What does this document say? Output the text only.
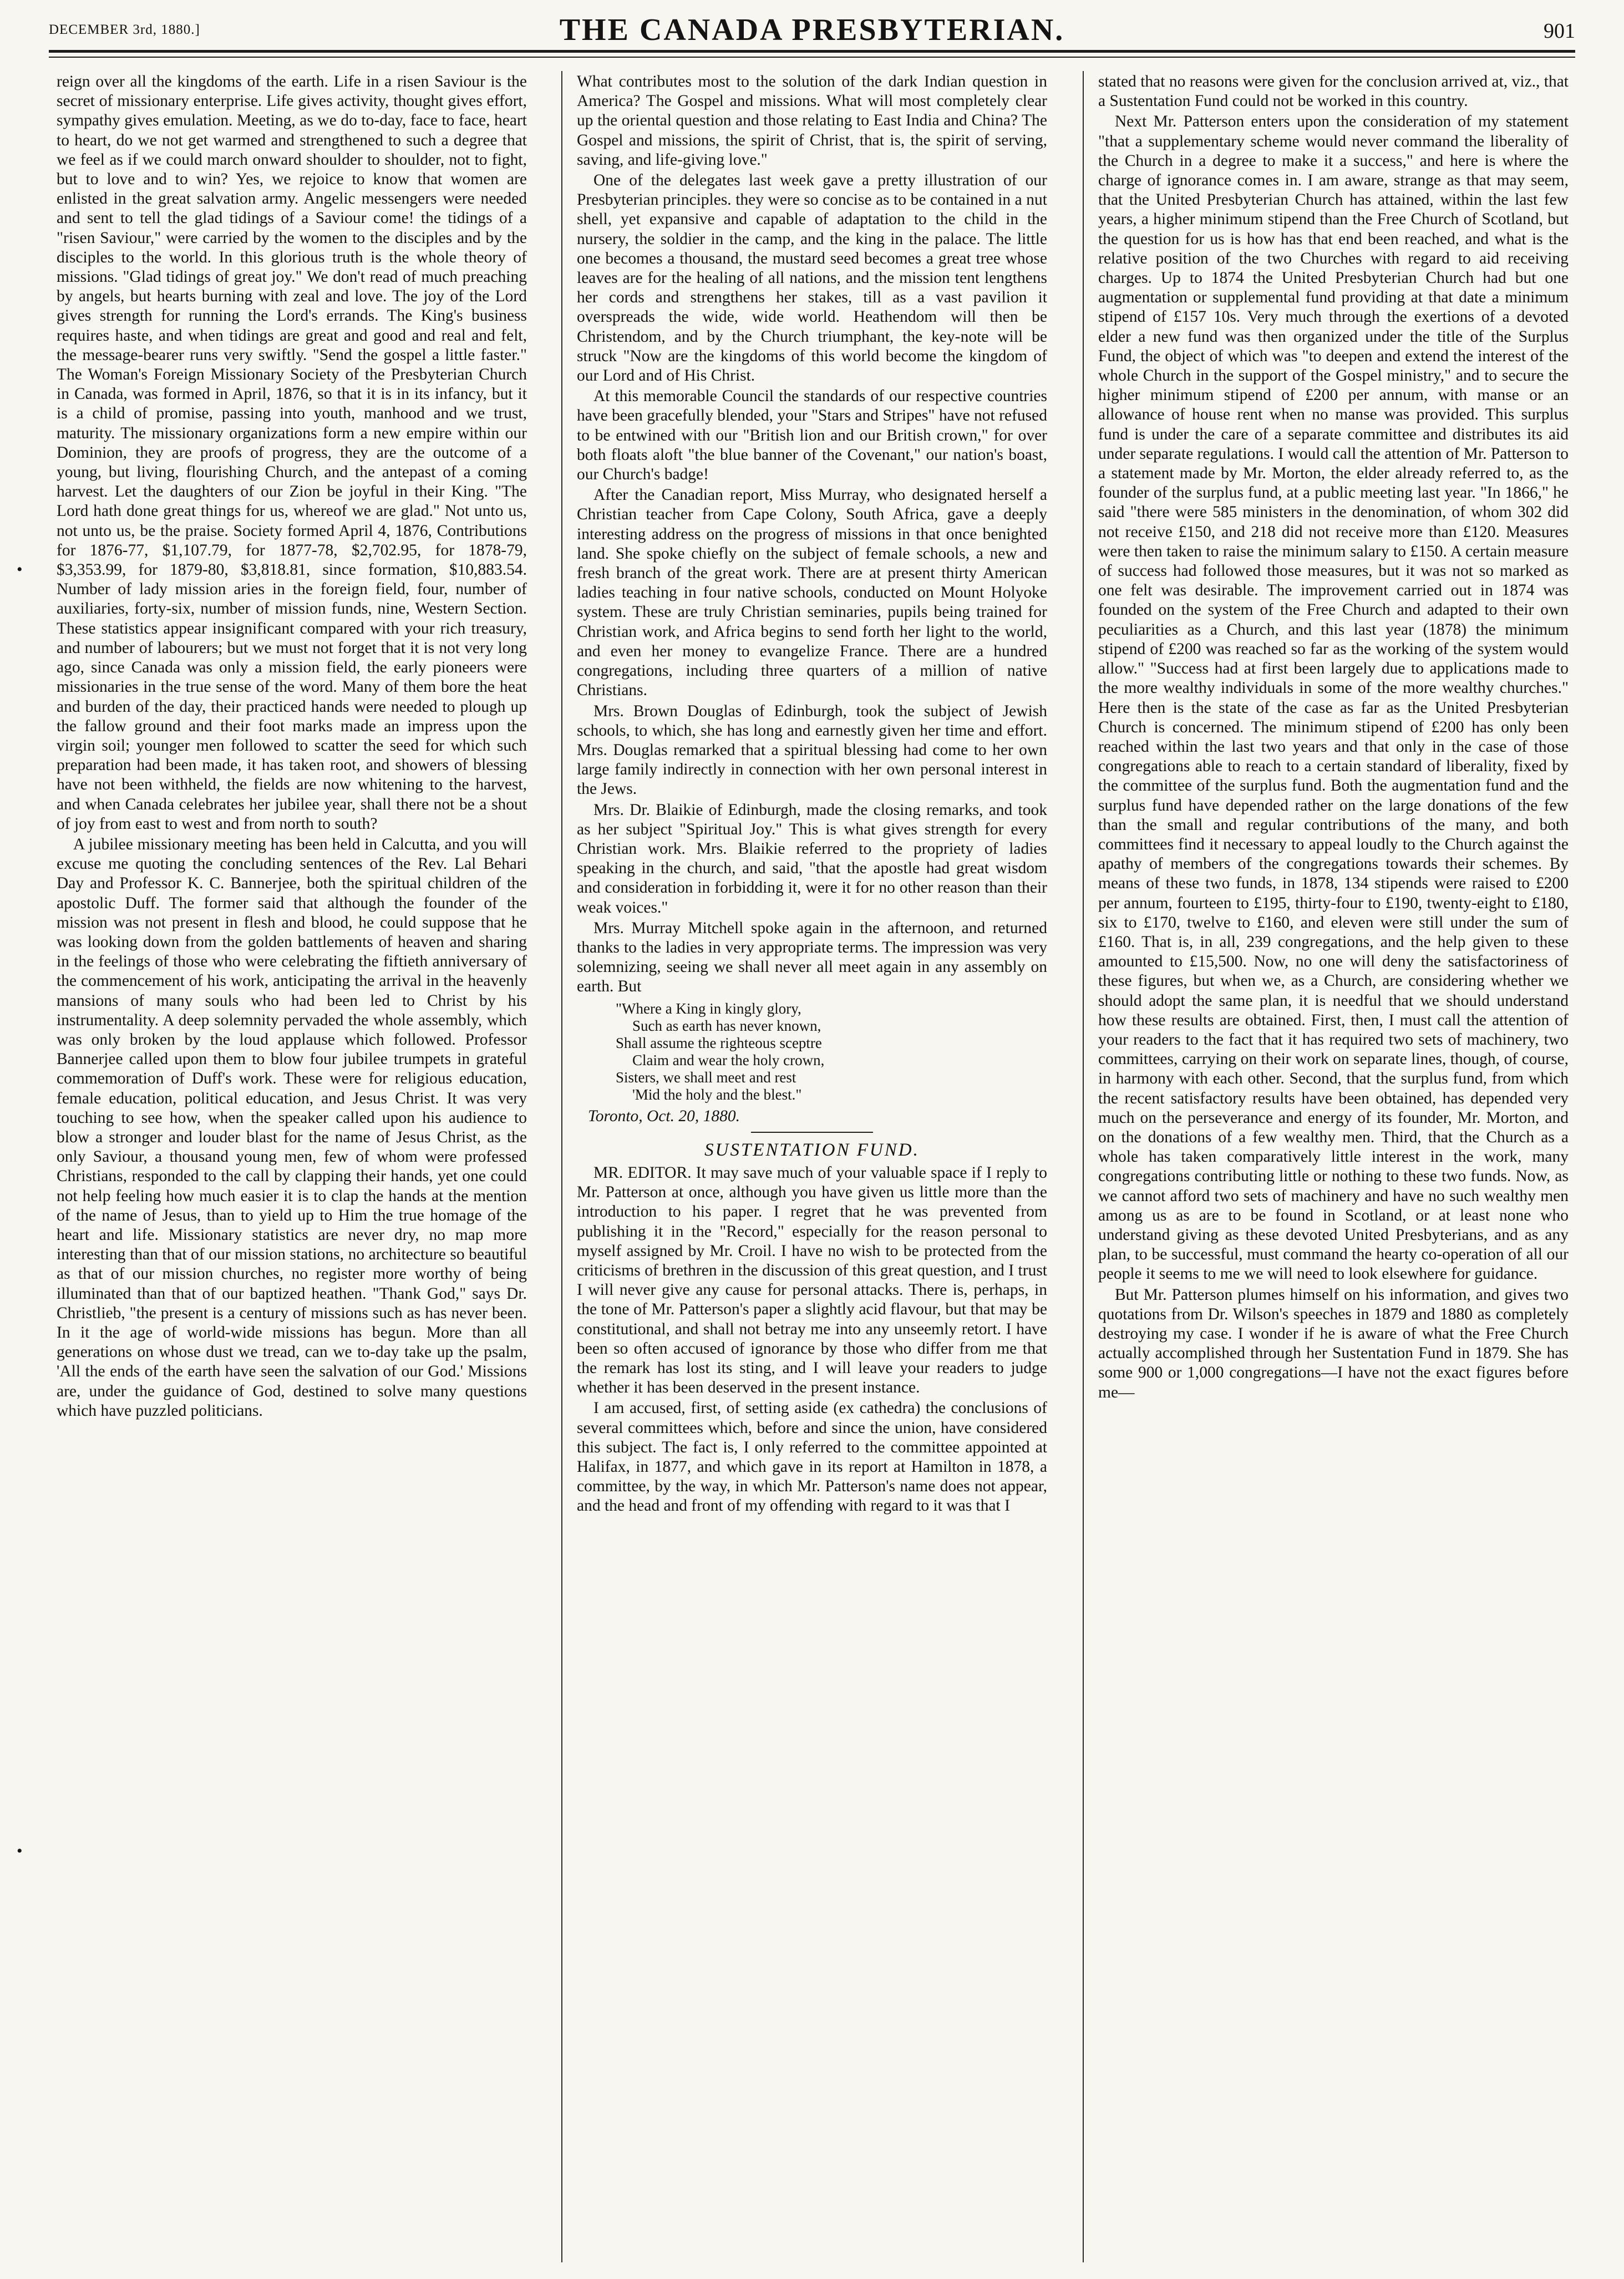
DECEMBER 3rd, 1880.]	THE CANADA PRESBYTERIAN.	901
•
•

reign over all the kingdoms of the earth. Life in a risen Saviour is the secret of missionary enterprise. Life gives activity, thought gives effort, sympathy gives emulation. Meeting, as we do to-day, face to face, heart to heart, do we not get warmed and strengthened to such a degree that we feel as if we could march onward shoulder to shoulder, not to fight, but to love and to win? Yes, we rejoice to know that women are enlisted in the great salvation army. Angelic messengers were needed and sent to tell the glad tidings of a Saviour come! the tidings of a "risen Saviour," were carried by the women to the disciples and by the disciples to the world. In this glorious truth is the whole theory of missions. "Glad tidings of great joy." We don't read of much preaching by angels, but hearts burning with zeal and love. The joy of the Lord gives strength for running the Lord's errands. The King's business requires haste, and when tidings are great and good and real and felt, the message-bearer runs very swiftly. "Send the gospel a little faster." The Woman's Foreign Missionary Society of the Presbyterian Church in Canada, was formed in April, 1876, so that it is in its infancy, but it is a child of promise, passing into youth, manhood and we trust, maturity. The missionary organizations form a new empire within our Dominion, they are proofs of progress, they are the outcome of a young, but living, flourishing Church, and the antepast of a coming harvest. Let the daughters of our Zion be joyful in their King. "The Lord hath done great things for us, whereof we are glad." Not unto us, not unto us, be the praise. Society formed April 4, 1876, Contributions for 1876-77, $1,107.79, for 1877-78, $2,702.95, for 1878-79, $3,353.99, for 1879-80, $3,818.81, since formation, $10,883.54. Number of lady mission aries in the foreign field, four, number of auxiliaries, forty-six, number of mission funds, nine, Western Section. These statistics appear insignificant compared with your rich treasury, and number of labourers; but we must not forget that it is not very long ago, since Canada was only a mission field, the early pioneers were missionaries in the true sense of the word. Many of them bore the heat and burden of the day, their practiced hands were needed to plough up the fallow ground and their foot marks made an impress upon the virgin soil; younger men followed to scatter the seed for which such preparation had been made, it has taken root, and showers of blessing have not been withheld, the fields are now whitening to the harvest, and when Canada celebrates her jubilee year, shall there not be a shout of joy from east to west and from north to south?

A jubilee missionary meeting has been held in Calcutta, and you will excuse me quoting the concluding sentences of the Rev. Lal Behari Day and Professor K. C. Bannerjee, both the spiritual children of the apostolic Duff. The former said that although the founder of the mission was not present in flesh and blood, he could suppose that he was looking down from the golden battlements of heaven and sharing in the feelings of those who were celebrating the fiftieth anniversary of the commencement of his work, anticipating the arrival in the heavenly mansions of many souls who had been led to Christ by his instrumentality. A deep solemnity pervaded the whole assembly, which was only broken by the loud applause which followed. Professor Bannerjee called upon them to blow four jubilee trumpets in grateful commemoration of Duff's work. These were for religious education, female education, political education, and Jesus Christ. It was very touching to see how, when the speaker called upon his audience to blow a stronger and louder blast for the name of Jesus Christ, as the only Saviour, a thousand young men, few of whom were professed Christians, responded to the call by clapping their hands, yet one could not help feeling how much easier it is to clap the hands at the mention of the name of Jesus, than to yield up to Him the true homage of the heart and life. Missionary statistics are never dry, no map more interesting than that of our mission stations, no architecture so beautiful as that of our mission churches, no register more worthy of being illuminated than that of our baptized heathen. "Thank God," says Dr. Christlieb, "the present is a century of missions such as has never been. In it the age of world-wide missions has begun. More than all generations on whose dust we tread, can we to-day take up the psalm, 'All the ends of the earth have seen the salvation of our God.' Missions are, under the guidance of God, destined to solve many questions which have puzzled politicians.

What contributes most to the solution of the dark Indian question in America? The Gospel and missions. What will most completely clear up the oriental question and those relating to East India and China? The Gospel and missions, the spirit of Christ, that is, the spirit of serving, saving, and life-giving love."

One of the delegates last week gave a pretty illustration of our Presbyterian principles. they were so concise as to be contained in a nut shell, yet expansive and capable of adaptation to the child in the nursery, the soldier in the camp, and the king in the palace. The little one becomes a thousand, the mustard seed becomes a great tree whose leaves are for the healing of all nations, and the mission tent lengthens her cords and strengthens her stakes, till as a vast pavilion it overspreads the wide, wide world. Heathendom will then be Christendom, and by the Church triumphant, the key-note will be struck "Now are the kingdoms of this world become the kingdom of our Lord and of His Christ.

At this memorable Council the standards of our respective countries have been gracefully blended, your "Stars and Stripes" have not refused to be entwined with our "British lion and our British crown," for over both floats aloft "the blue banner of the Covenant," our nation's boast, our Church's badge!

After the Canadian report, Miss Murray, who designated herself a Christian teacher from Cape Colony, South Africa, gave a deeply interesting address on the progress of missions in that once benighted land. She spoke chiefly on the subject of female schools, a new and fresh branch of the great work. There are at present thirty American ladies teaching in four native schools, conducted on Mount Holyoke system. These are truly Christian seminaries, pupils being trained for Christian work, and Africa begins to send forth her light to the world, and even her money to evangelize France. There are a hundred congregations, including three quarters of a million of native Christians.

Mrs. Brown Douglas of Edinburgh, took the subject of Jewish schools, to which, she has long and earnestly given her time and effort. Mrs. Douglas remarked that a spiritual blessing had come to her own large family indirectly in connection with her own personal interest in the Jews.

Mrs. Dr. Blaikie of Edinburgh, made the closing remarks, and took as her subject "Spiritual Joy." This is what gives strength for every Christian work. Mrs. Blaikie referred to the propriety of ladies speaking in the church, and said, "that the apostle had great wisdom and consideration in forbidding it, were it for no other reason than their weak voices."

Mrs. Murray Mitchell spoke again in the afternoon, and returned thanks to the ladies in very appropriate terms. The impression was very solemnizing, seeing we shall never all meet again in any assembly on earth. But

"Where a King in kingly glory,
Such as earth has never known,
Shall assume the righteous sceptre
Claim and wear the holy crown,
Sisters, we shall meet and rest
'Mid the holy and the blest."
Toronto, Oct. 20, 1880.
SUSTENTATION FUND.

MR. EDITOR. It may save much of your valuable space if I reply to Mr. Patterson at once, although you have given us little more than the introduction to his paper. I regret that he was prevented from publishing it in the "Record," especially for the reason personal to myself assigned by Mr. Croil. I have no wish to be protected from the criticisms of brethren in the discussion of this great question, and I trust I will never give any cause for personal attacks. There is, perhaps, in the tone of Mr. Patterson's paper a slightly acid flavour, but that may be constitutional, and shall not betray me into any unseemly retort. I have been so often accused of ignorance by those who differ from me that the remark has lost its sting, and I will leave your readers to judge whether it has been deserved in the present instance.

I am accused, first, of setting aside (ex cathedra) the conclusions of several committees which, before and since the union, have considered this subject. The fact is, I only referred to the committee appointed at Halifax, in 1877, and which gave in its report at Hamilton in 1878, a committee, by the way, in which Mr. Patterson's name does not appear, and the head and front of my offending with regard to it was that I

stated that no reasons were given for the conclusion arrived at, viz., that a Sustentation Fund could not be worked in this country.

Next Mr. Patterson enters upon the consideration of my statement "that a supplementary scheme would never command the liberality of the Church in a degree to make it a success," and here is where the charge of ignorance comes in. I am aware, strange as that may seem, that the United Presbyterian Church has attained, within the last few years, a higher minimum stipend than the Free Church of Scotland, but the question for us is how has that end been reached, and what is the relative position of the two Churches with regard to aid receiving charges. Up to 1874 the United Presbyterian Church had but one augmentation or supplemental fund providing at that date a minimum stipend of £157 10s. Very much through the exertions of a devoted elder a new fund was then organized under the title of the Surplus Fund, the object of which was "to deepen and extend the interest of the whole Church in the support of the Gospel ministry," and to secure the higher minimum stipend of £200 per annum, with manse or an allowance of house rent when no manse was provided. This surplus fund is under the care of a separate committee and distributes its aid under separate regulations. I would call the attention of Mr. Patterson to a statement made by Mr. Morton, the elder already referred to, as the founder of the surplus fund, at a public meeting last year. "In 1866," he said "there were 585 ministers in the denomination, of whom 302 did not receive £150, and 218 did not receive more than £120. Measures were then taken to raise the minimum salary to £150. A certain measure of success had followed those measures, but it was not so marked as one felt was desirable. The improvement carried out in 1874 was founded on the system of the Free Church and adapted to their own peculiarities as a Church, and this last year (1878) the minimum stipend of £200 was reached so far as the working of the system would allow." "Success had at first been largely due to applications made to the more wealthy individuals in some of the more wealthy churches." Here then is the state of the case as far as the United Presbyterian Church is concerned. The minimum stipend of £200 has only been reached within the last two years and that only in the case of those congregations able to reach to a certain standard of liberality, fixed by the committee of the surplus fund. Both the augmentation fund and the surplus fund have depended rather on the large donations of the few than the small and regular contributions of the many, and both committees find it necessary to appeal loudly to the Church against the apathy of members of the congregations towards their schemes. By means of these two funds, in 1878, 134 stipends were raised to £200 per annum, fourteen to £195, thirty-four to £190, twenty-eight to £180, six to £170, twelve to £160, and eleven were still under the sum of £160. That is, in all, 239 congregations, and the help given to these amounted to £15,500. Now, no one will deny the satisfactoriness of these figures, but when we, as a Church, are considering whether we should adopt the same plan, it is needful that we should understand how these results are obtained. First, then, I must call the attention of your readers to the fact that it has required two sets of machinery, two committees, carrying on their work on separate lines, though, of course, in harmony with each other. Second, that the surplus fund, from which the recent satisfactory results have been obtained, has depended very much on the perseverance and energy of its founder, Mr. Morton, and on the donations of a few wealthy men. Third, that the Church as a whole has taken comparatively little interest in the work, many congregations contributing little or nothing to these two funds. Now, as we cannot afford two sets of machinery and have no such wealthy men among us as are to be found in Scotland, or at least none who understand giving as these devoted United Presbyterians, and as any plan, to be successful, must command the hearty co-operation of all our people it seems to me we will need to look elsewhere for guidance.

But Mr. Patterson plumes himself on his information, and gives two quotations from Dr. Wilson's speeches in 1879 and 1880 as completely destroying my case. I wonder if he is aware of what the Free Church actually accomplished through her Sustentation Fund in 1879. She has some 900 or 1,000 congregations—I have not the exact figures before me—
